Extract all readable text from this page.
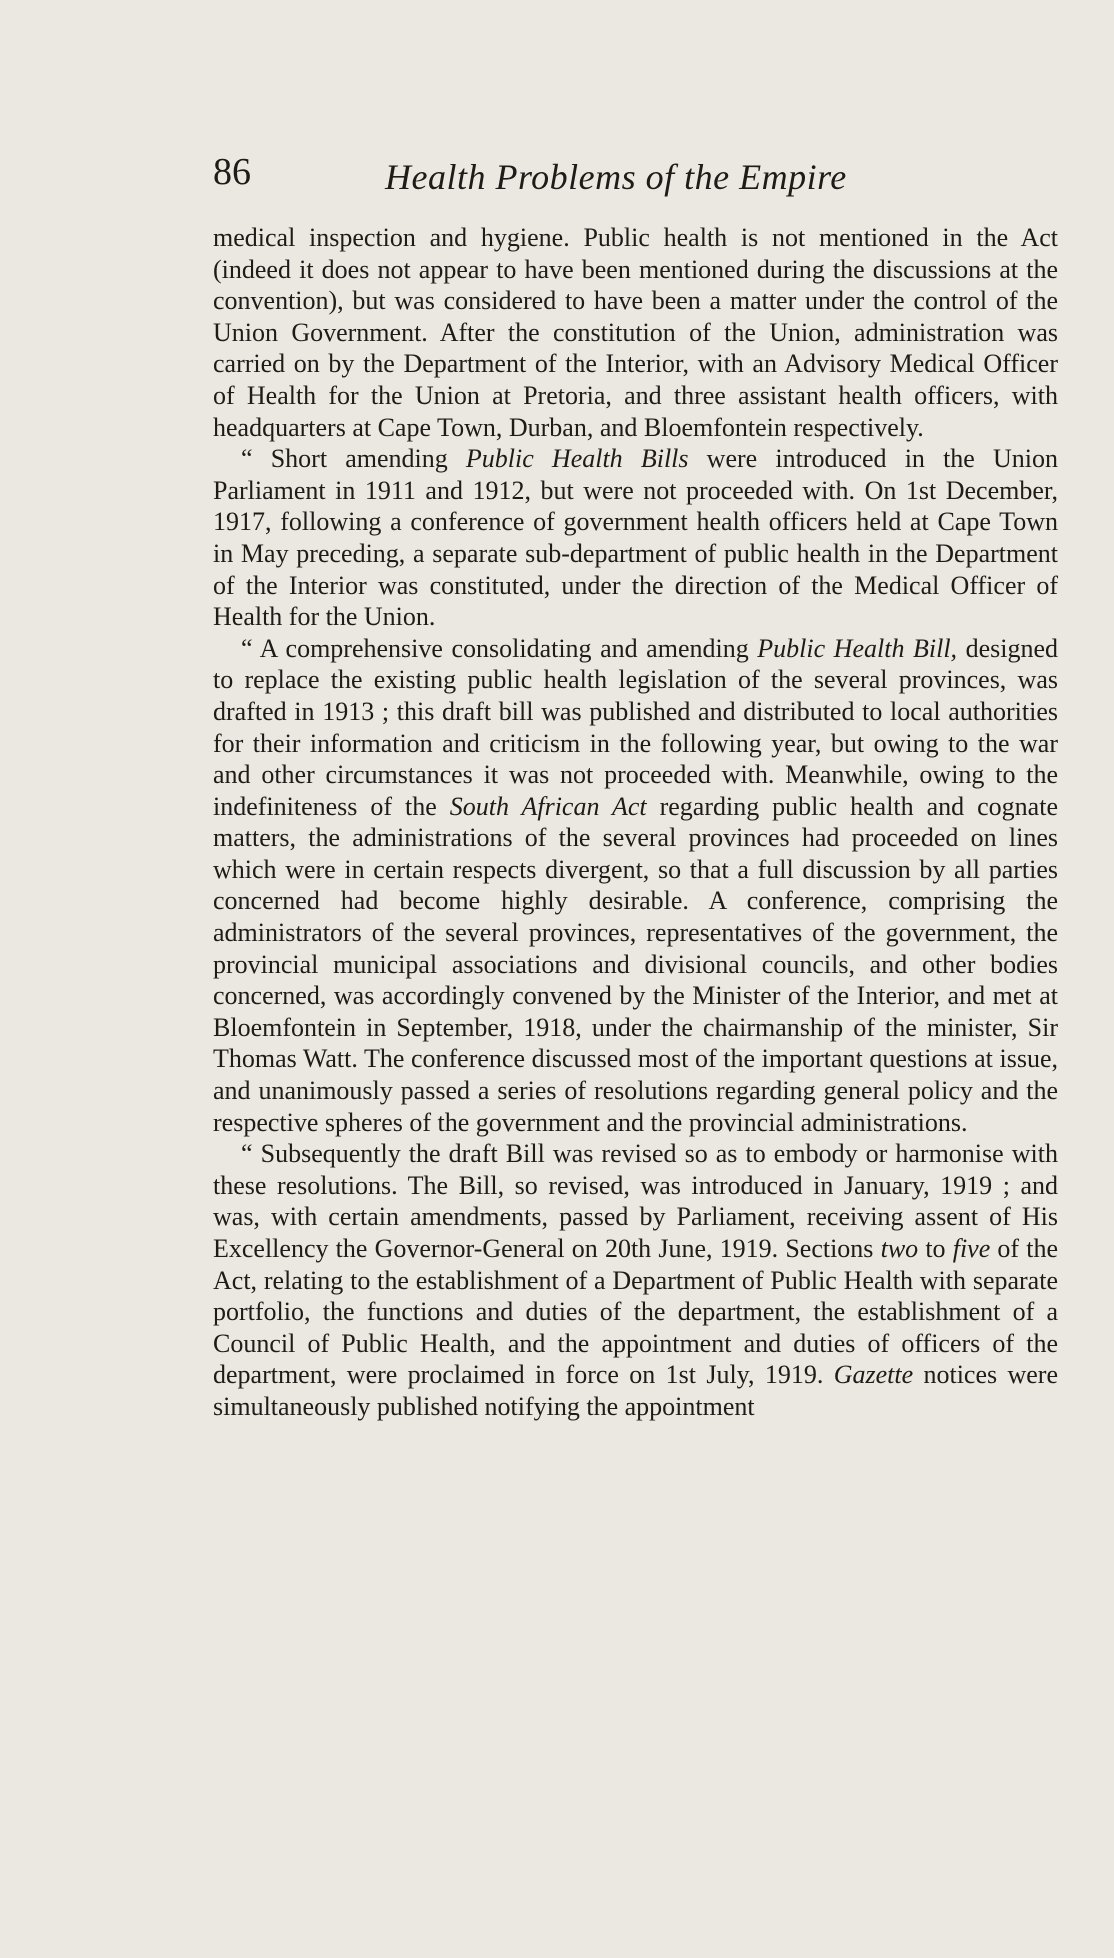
86	Health Problems of the Empire

medical inspection and hygiene. Public health is not mentioned in the Act (indeed it does not appear to have been mentioned during the discussions at the convention), but was considered to have been a matter under the control of the Union Government. After the constitution of the Union, administration was carried on by the Department of the Interior, with an Advisory Medical Officer of Health for the Union at Pretoria, and three assistant health officers, with headquarters at Cape Town, Durban, and Bloemfontein respectively.

“ Short amending Public Health Bills were introduced in the Union Parliament in 1911 and 1912, but were not proceeded with. On 1st December, 1917, following a conference of government health officers held at Cape Town in May preceding, a separate sub-department of public health in the Department of the Interior was constituted, under the direction of the Medical Officer of Health for the Union.

“ A comprehensive consolidating and amending Public Health Bill, designed to replace the existing public health legislation of the several provinces, was drafted in 1913 ; this draft bill was published and distributed to local authorities for their information and criticism in the following year, but owing to the war and other circumstances it was not proceeded with. Meanwhile, owing to the indefiniteness of the South African Act regarding public health and cognate matters, the administrations of the several provinces had proceeded on lines which were in certain respects divergent, so that a full discussion by all parties concerned had become highly desirable. A conference, comprising the administrators of the several provinces, representatives of the government, the provincial municipal associations and divisional councils, and other bodies concerned, was accordingly convened by the Minister of the Interior, and met at Bloemfontein in September, 1918, under the chairmanship of the minister, Sir Thomas Watt. The conference discussed most of the important questions at issue, and unanimously passed a series of resolutions regarding general policy and the respective spheres of the government and the provincial administrations.

“ Subsequently the draft Bill was revised so as to embody or harmonise with these resolutions. The Bill, so revised, was introduced in January, 1919 ; and was, with certain amendments, passed by Parliament, receiving assent of His Excellency the Governor-General on 20th June, 1919. Sections two to five of the Act, relating to the establishment of a Department of Public Health with separate portfolio, the functions and duties of the department, the establishment of a Council of Public Health, and the appointment and duties of officers of the department, were proclaimed in force on 1st July, 1919. Gazette notices were simultaneously published notifying the appointment
